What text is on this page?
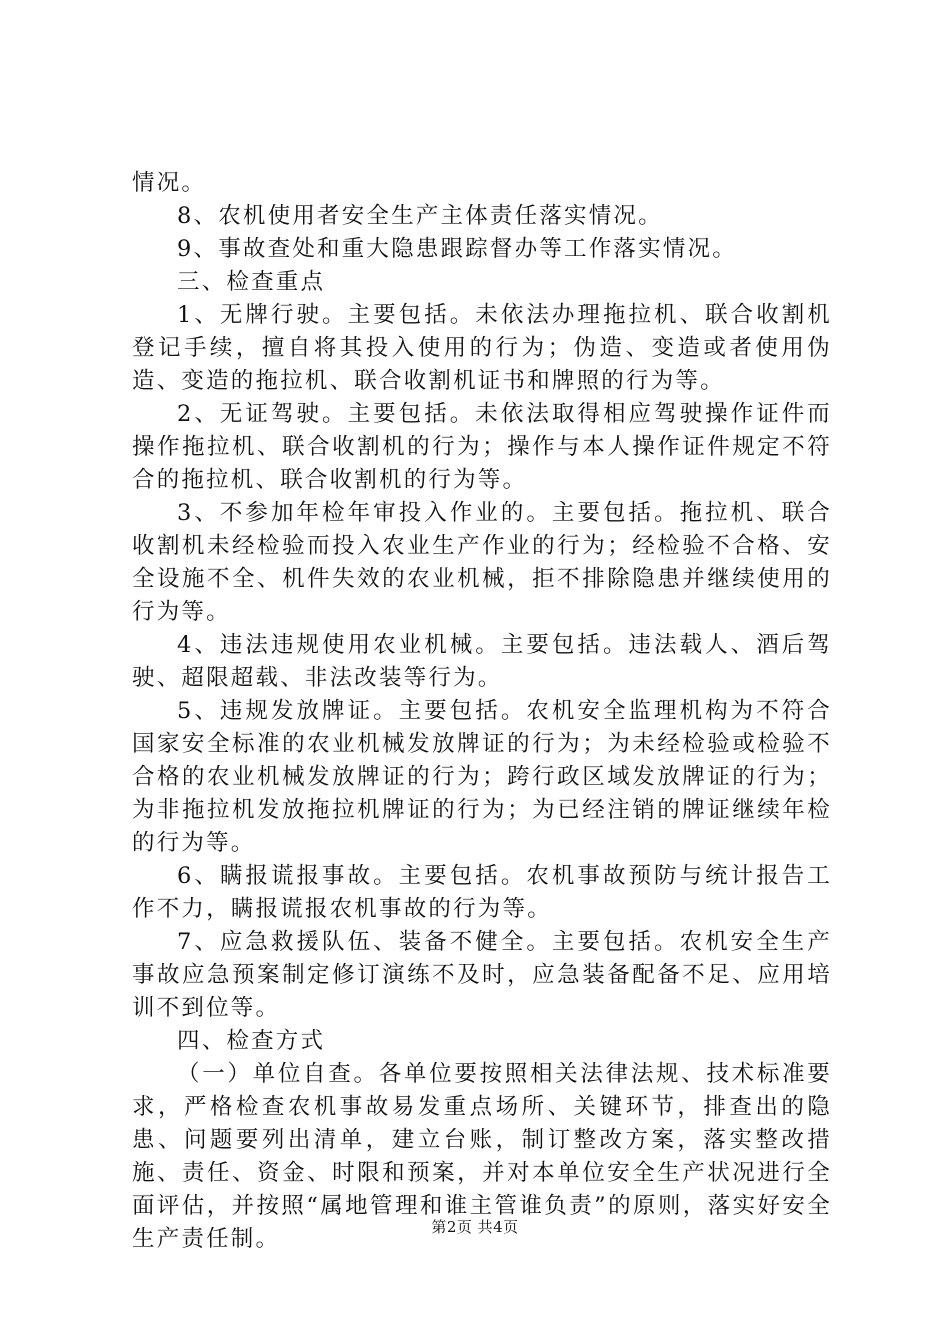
情况。

8、农机使用者安全生产主体责任落实情况。

9、事故查处和重大隐患跟踪督办等工作落实情况。

三、检查重点

1、无牌行驶。主要包括。未依法办理拖拉机、联合收割机登记手续，擅自将其投入使用的行为；伪造、变造或者使用伪造、变造的拖拉机、联合收割机证书和牌照的行为等。

2、无证驾驶。主要包括。未依法取得相应驾驶操作证件而操作拖拉机、联合收割机的行为；操作与本人操作证件规定不符合的拖拉机、联合收割机的行为等。

3、不参加年检年审投入作业的。主要包括。拖拉机、联合收割机未经检验而投入农业生产作业的行为；经检验不合格、安全设施不全、机件失效的农业机械，拒不排除隐患并继续使用的行为等。

4、违法违规使用农业机械。主要包括。违法载人、酒后驾驶、超限超载、非法改装等行为。

5、违规发放牌证。主要包括。农机安全监理机构为不符合国家安全标准的农业机械发放牌证的行为；为未经检验或检验不合格的农业机械发放牌证的行为；跨行政区域发放牌证的行为；为非拖拉机发放拖拉机牌证的行为；为已经注销的牌证继续年检的行为等。

6、瞒报谎报事故。主要包括。农机事故预防与统计报告工作不力，瞒报谎报农机事故的行为等。

7、应急救援队伍、装备不健全。主要包括。农机安全生产事故应急预案制定修订演练不及时，应急装备配备不足、应用培训不到位等。

四、检查方式

（一）单位自查。各单位要按照相关法律法规、技术标准要求，严格检查农机事故易发重点场所、关键环节，排查出的隐患、问题要列出清单，建立台账，制订整改方案，落实整改措施、责任、资金、时限和预案，并对本单位安全生产状况进行全面评估，并按照“属地管理和谁主管谁负责”的原则，落实好安全生产责任制。	第2页 共4页
